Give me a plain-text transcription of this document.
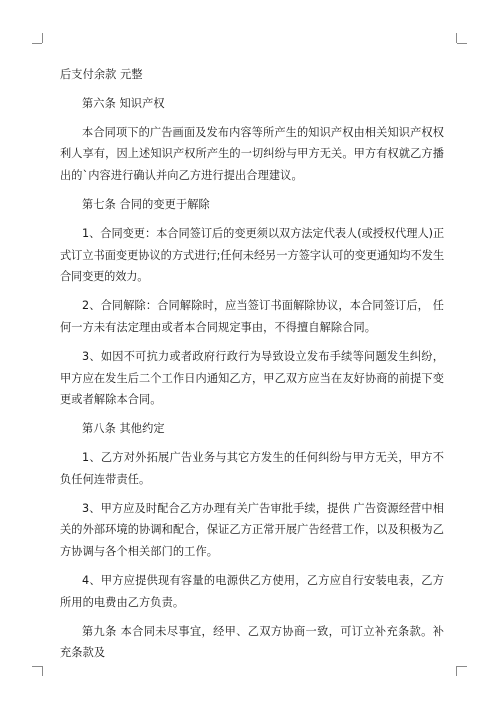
后支付余款 元整

第六条 知识产权

本合同项下的广告画面及发布内容等所产生的知识产权由相关知识产权权利人享有，因上述知识产权所产生的一切纠纷与甲方无关。甲方有权就乙方播出的`内容进行确认并向乙方进行提出合理建议。

第七条 合同的变更于解除

1、合同变更：本合同签订后的变更须以双方法定代表人(或授权代理人)正式订立书面变更协议的方式进行;任何未经另一方签字认可的变更通知均不发生合同变更的效力。

2、合同解除：合同解除时，应当签订书面解除协议，本合同签订后， 任何一方未有法定理由或者本合同规定事由，不得擅自解除合同。

3、如因不可抗力或者政府行政行为导致设立发布手续等问题发生纠纷，甲方应在发生后二个工作日内通知乙方，甲乙双方应当在友好协商的前提下变更或者解除本合同。

第八条 其他约定

1、乙方对外拓展广告业务与其它方发生的任何纠纷与甲方无关，甲方不负任何连带责任。

3、甲方应及时配合乙方办理有关广告审批手续，提供 广告资源经营中相关的外部环境的协调和配合，保证乙方正常开展广告经营工作，以及积极为乙方协调与各个相关部门的工作。

4、甲方应提供现有容量的电源供乙方使用，乙方应自行安装电表，乙方所用的电费由乙方负责。

第九条 本合同未尽事宜，经甲、乙双方协商一致，可订立补充条款。补充条款及
